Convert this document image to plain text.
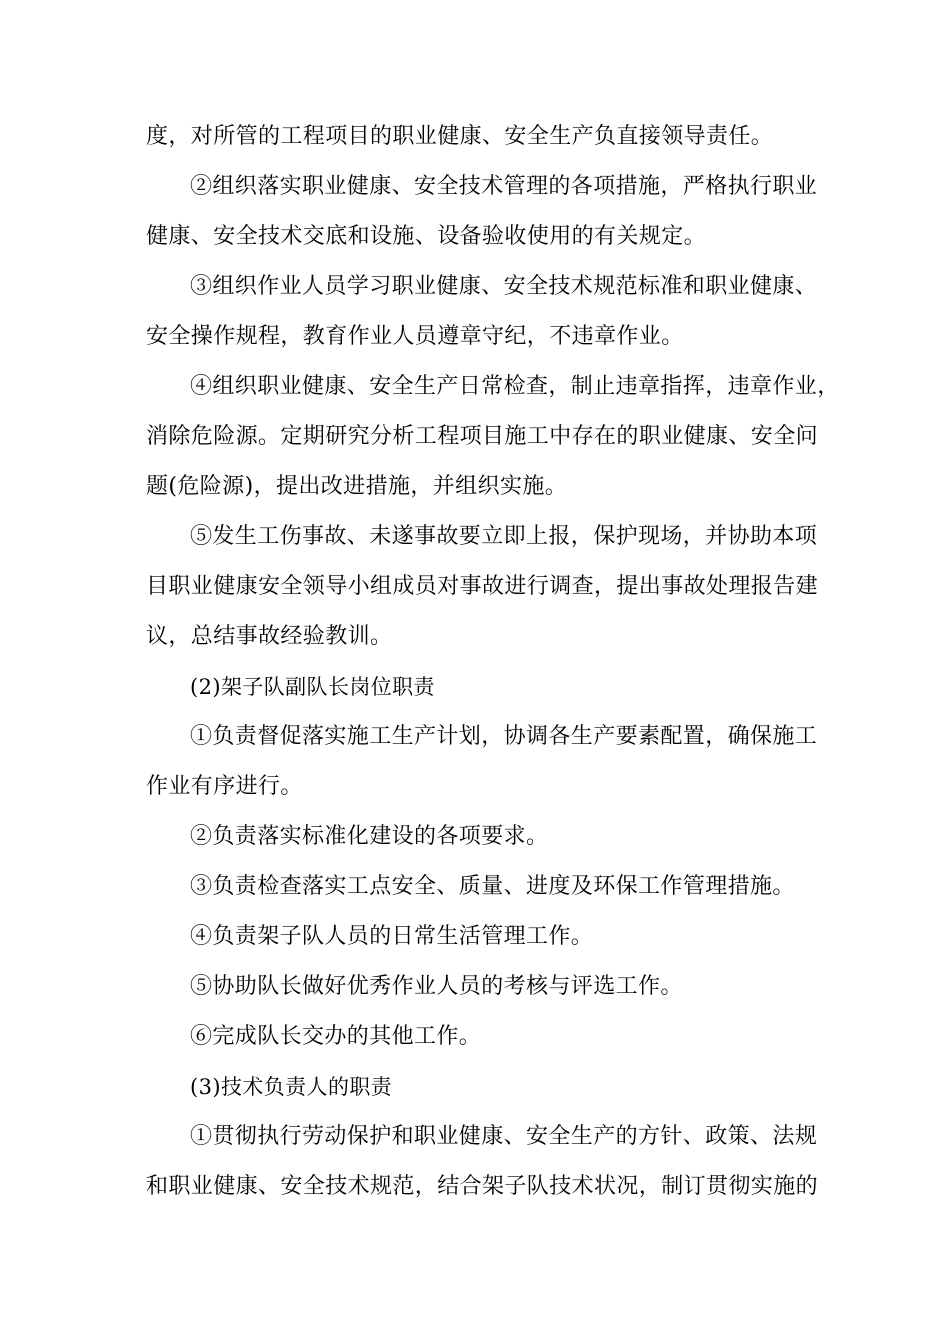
度，对所管的工程项目的职业健康、安全生产负直接领导责任。

②组织落实职业健康、安全技术管理的各项措施，严格执行职业

健康、安全技术交底和设施、设备验收使用的有关规定。

③组织作业人员学习职业健康、安全技术规范标准和职业健康、

安全操作规程，教育作业人员遵章守纪，不违章作业。

④组织职业健康、安全生产日常检查，制止违章指挥，违章作业，

消除危险源。定期研究分析工程项目施工中存在的职业健康、安全问

题(危险源)，提出改进措施，并组织实施。

⑤发生工伤事故、未遂事故要立即上报，保护现场，并协助本项

目职业健康安全领导小组成员对事故进行调查，提出事故处理报告建

议，总结事故经验教训。

(2)架子队副队长岗位职责

①负责督促落实施工生产计划，协调各生产要素配置，确保施工

作业有序进行。

②负责落实标准化建设的各项要求。

③负责检查落实工点安全、质量、进度及环保工作管理措施。

④负责架子队人员的日常生活管理工作。

⑤协助队长做好优秀作业人员的考核与评选工作。

⑥完成队长交办的其他工作。

(3)技术负责人的职责

①贯彻执行劳动保护和职业健康、安全生产的方针、政策、法规

和职业健康、安全技术规范，结合架子队技术状况，制订贯彻实施的
